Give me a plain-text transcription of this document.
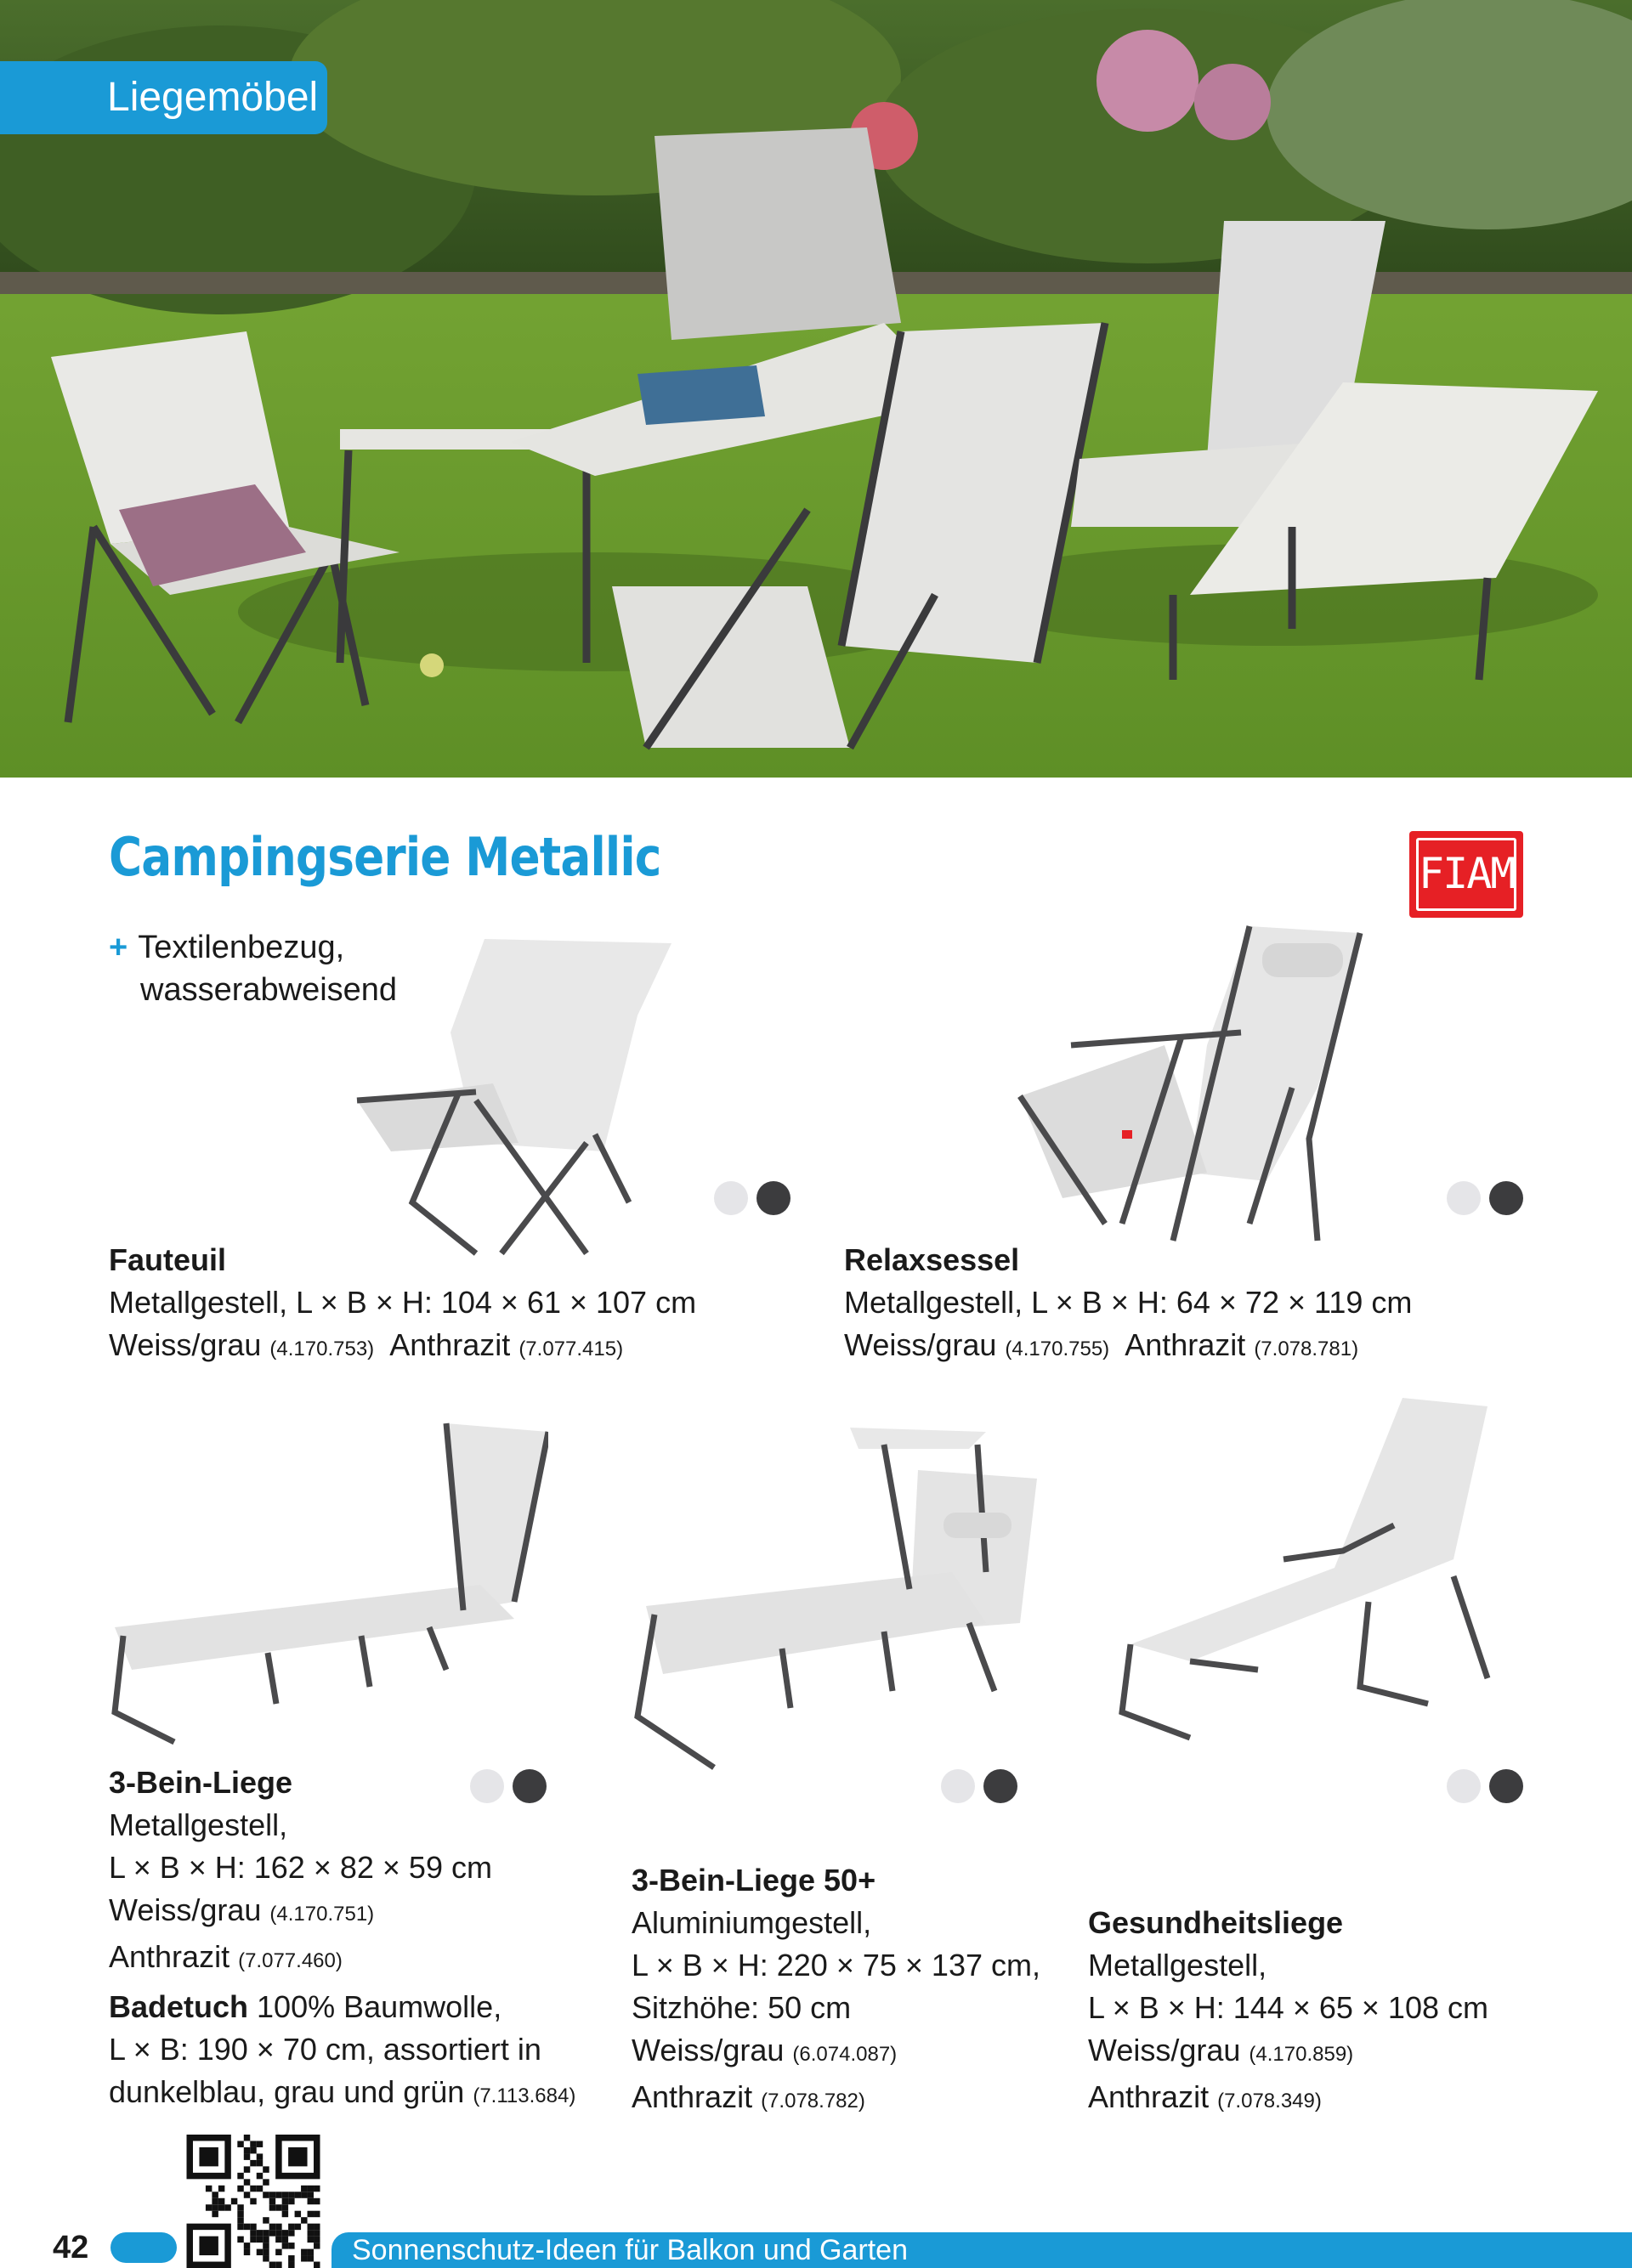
Liegemöbel
Campingserie Metallic	FIAM
+ Textilenbezug,
wasserabweisend
Fauteuil
Metallgestell, L × B × H: 104 × 61 × 107 cm
Weiss/grau (4.170.753) Anthrazit (7.077.415)
Relaxsessel
Metallgestell, L × B × H: 64 × 72 × 119 cm
Weiss/grau (4.170.755) Anthrazit (7.078.781)
3-Bein-Liege
Metallgestell,
L × B × H: 162 × 82 × 59 cm
Weiss/grau (4.170.751)
Anthrazit (7.077.460)
Badetuch 100% Baumwolle,
L × B: 190 × 70 cm, assortiert in
dunkelblau, grau und grün (7.113.684)
3-Bein-Liege 50+
Aluminiumgestell,
L × B × H: 220 × 75 × 137 cm,
Sitzhöhe: 50 cm
Weiss/grau (6.074.087)
Anthrazit (7.078.782)
Gesundheitsliege
Metallgestell,
L × B × H: 144 × 65 × 108 cm
Weiss/grau (4.170.859)
Anthrazit (7.078.349)
42	Sonnenschutz-Ideen für Balkon und Garten
